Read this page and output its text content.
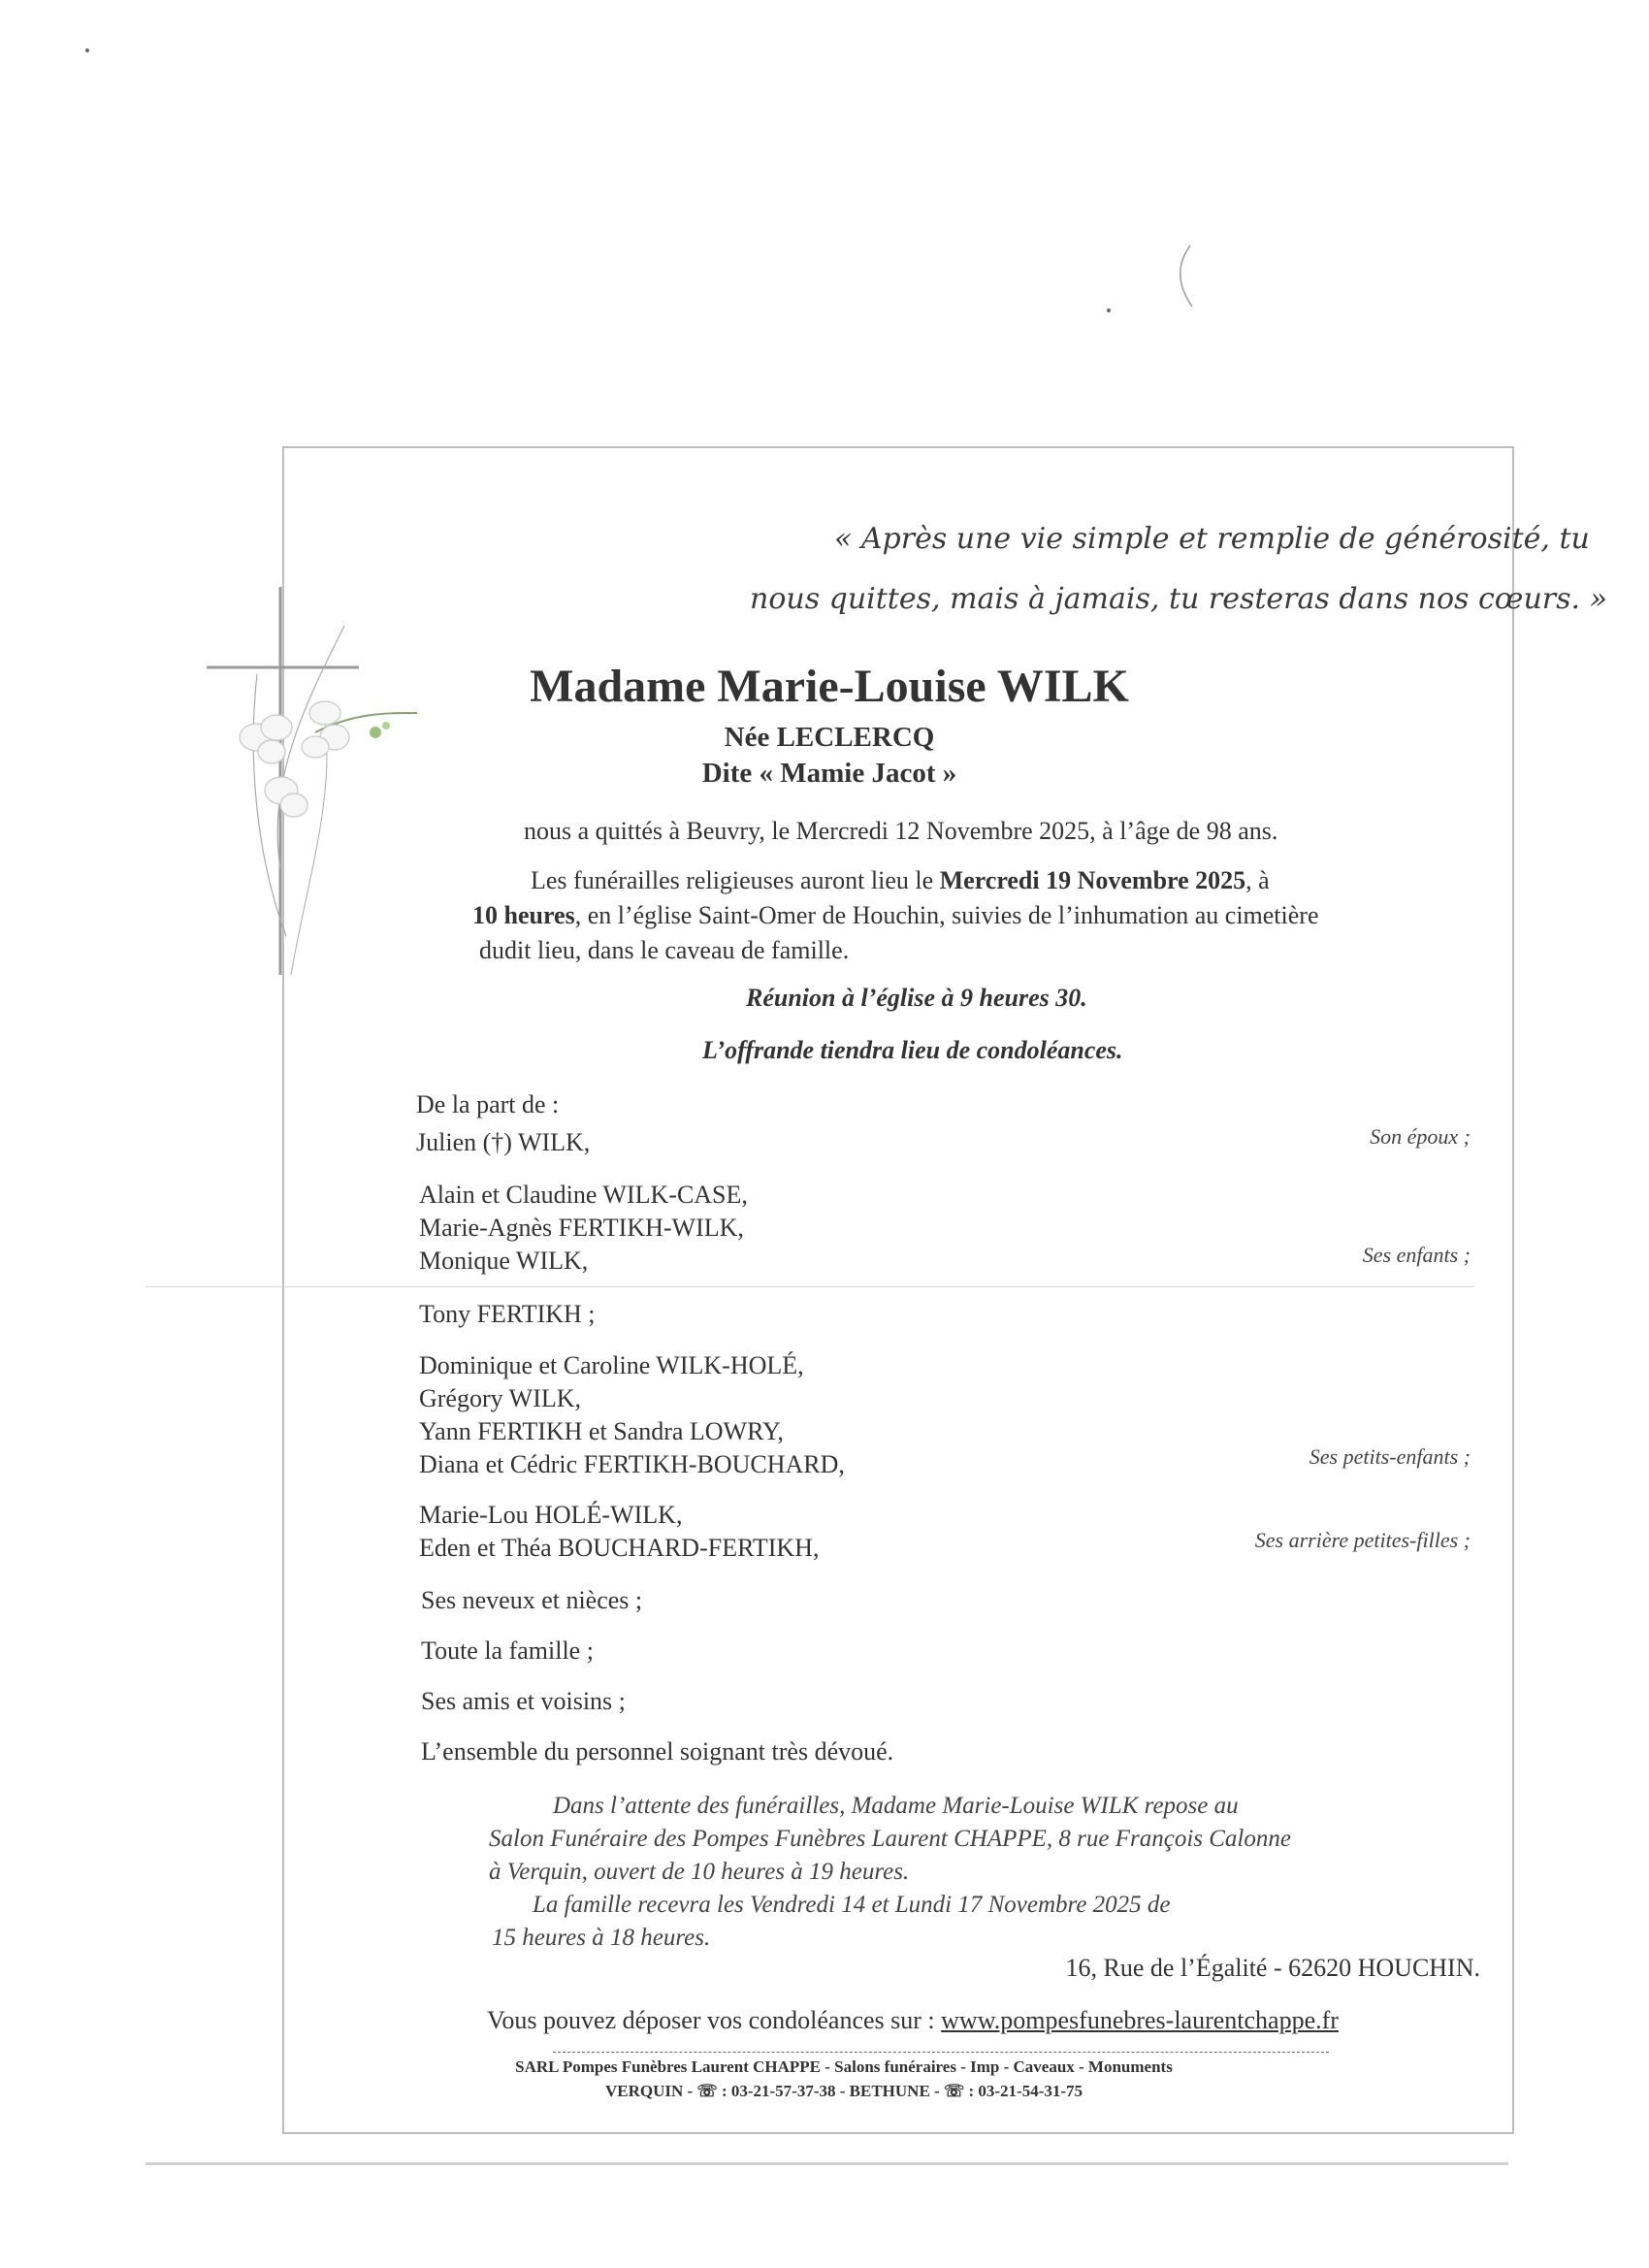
« Après une vie simple et remplie de générosité, tu
nous quittes, mais à jamais, tu resteras dans nos cœurs. »
Madame Marie-Louise WILK
Née LECLERCQ
Dite « Mamie Jacot »
nous a quittés à Beuvry, le Mercredi 12 Novembre 2025, à l’âge de 98 ans.
Les funérailles religieuses auront lieu le Mercredi 19 Novembre 2025, à
10 heures, en l’église Saint-Omer de Houchin, suivies de l’inhumation au cimetière
dudit lieu, dans le caveau de famille.
Réunion à l’église à 9 heures 30.
L’offrande tiendra lieu de condoléances.
De la part de :
Julien (†) WILK,	Son époux ;
Alain et Claudine WILK-CASE,
Marie-Agnès FERTIKH-WILK,
Monique WILK,	Ses enfants ;
Tony FERTIKH ;
Dominique et Caroline WILK-HOLÉ,
Grégory WILK,
Yann FERTIKH et Sandra LOWRY,
Diana et Cédric FERTIKH-BOUCHARD,	Ses petits-enfants ;
Marie-Lou HOLÉ-WILK,
Eden et Théa BOUCHARD-FERTIKH,	Ses arrière petites-filles ;
Ses neveux et nièces ;
Toute la famille ;
Ses amis et voisins ;
L’ensemble du personnel soignant très dévoué.
Dans l’attente des funérailles, Madame Marie-Louise WILK repose au
Salon Funéraire des Pompes Funèbres Laurent CHAPPE, 8 rue François Calonne
à Verquin, ouvert de 10 heures à 19 heures.
La famille recevra les Vendredi 14 et Lundi 17 Novembre 2025 de
15 heures à 18 heures.
16, Rue de l’Égalité - 62620 HOUCHIN.
Vous pouvez déposer vos condoléances sur : www.pompesfunebres-laurentchappe.fr
SARL Pompes Funèbres Laurent CHAPPE - Salons funéraires - Imp - Caveaux - Monuments
VERQUIN - ☏ : 03-21-57-37-38 - BETHUNE - ☏ : 03-21-54-31-75
